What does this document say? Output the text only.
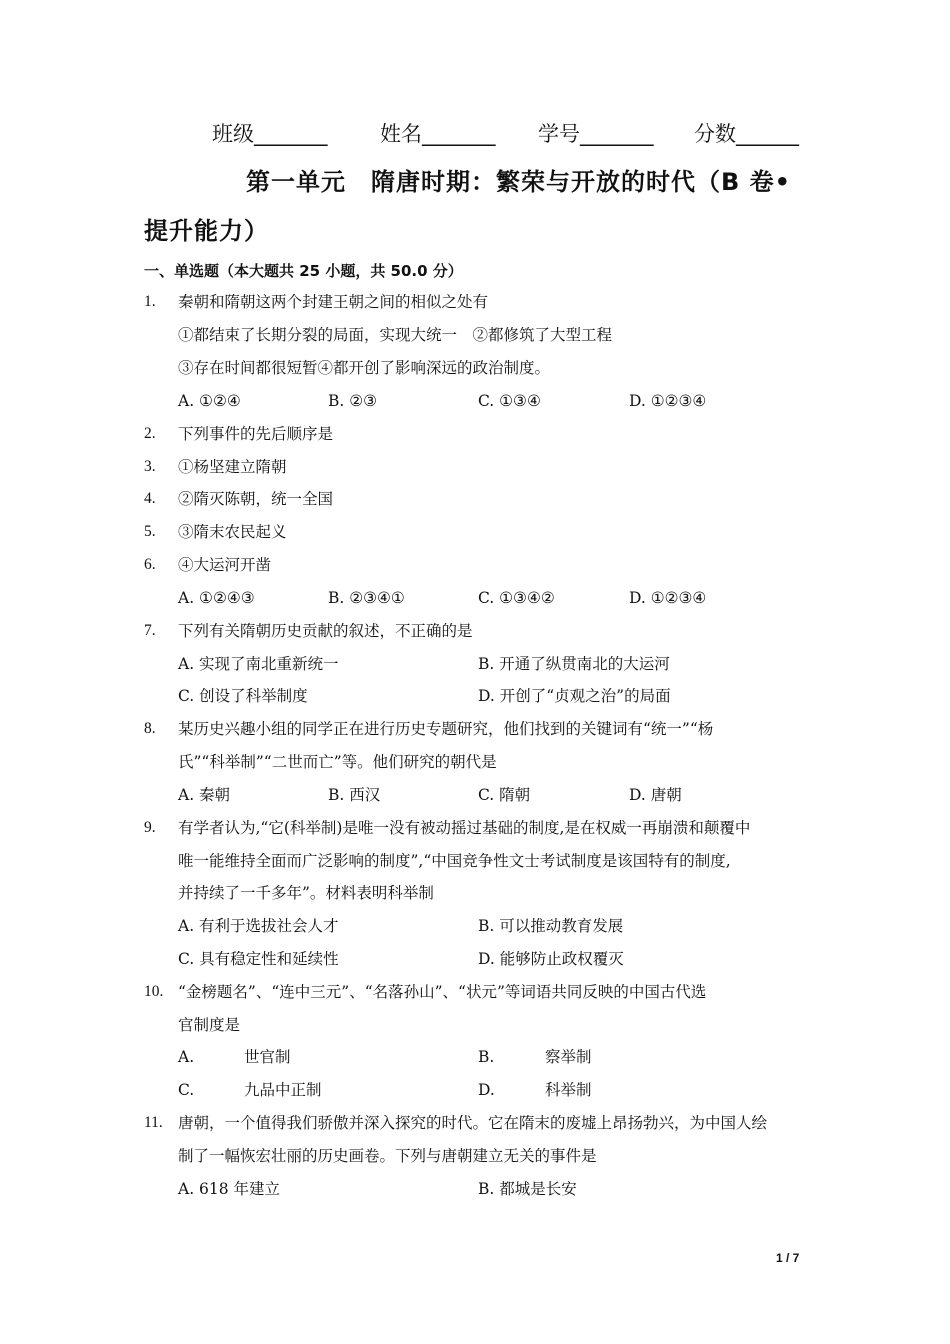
班级_______	姓名_______ 学号_______ 分数______
第一单元　隋唐时期：繁荣与开放的时代（B 卷•
提升能力）
一、单选题（本大题共 25 小题，共 50.0 分）
1. 秦朝和隋朝这两个封建王朝之间的相似之处有
①都结束了长期分裂的局面，实现大统一　②都修筑了大型工程
③存在时间都很短暂④都开创了影响深远的政治制度。
A. ①②④	B. ②③	C. ①③④	D. ①②③④
2. 下列事件的先后顺序是
3. ①杨坚建立隋朝
4. ②隋灭陈朝，统一全国
5. ③隋末农民起义
6. ④大运河开凿
A. ①②④③	B. ②③④①	C. ①③④②	D. ①②③④
7. 下列有关隋朝历史贡献的叙述，不正确的是
A. 实现了南北重新统一	B. 开通了纵贯南北的大运河
C. 创设了科举制度	D. 开创了“贞观之治”的局面
8. 某历史兴趣小组的同学正在进行历史专题研究，他们找到的关键词有“统一”“杨
氏”“科举制”“二世而亡”等。他们研究的朝代是
A. 秦朝	B. 西汉	C. 隋朝	D. 唐朝
9. 有学者认为,“它(科举制)是唯一没有被动摇过基础的制度,是在权威一再崩溃和颠覆中
唯一能维持全面而广泛影响的制度”,“中国竞争性文士考试制度是该国特有的制度,
并持续了一千多年”。材料表明科举制
A. 有利于选拔社会人才	B. 可以推动教育发展
C. 具有稳定性和延续性	D. 能够防止政权覆灭
10. “金榜题名”、“连中三元”、“名落孙山”、“状元”等词语共同反映的中国古代选
官制度是
A.	世官制	B.	察举制
C.	九品中正制	D.	科举制
11. 唐朝，一个值得我们骄傲并深入探究的时代。它在隋末的废墟上昂扬勃兴，为中国人绘
制了一幅恢宏壮丽的历史画卷。下列与唐朝建立无关的事件是
A. 618 年建立	B. 都城是长安
1 / 7
